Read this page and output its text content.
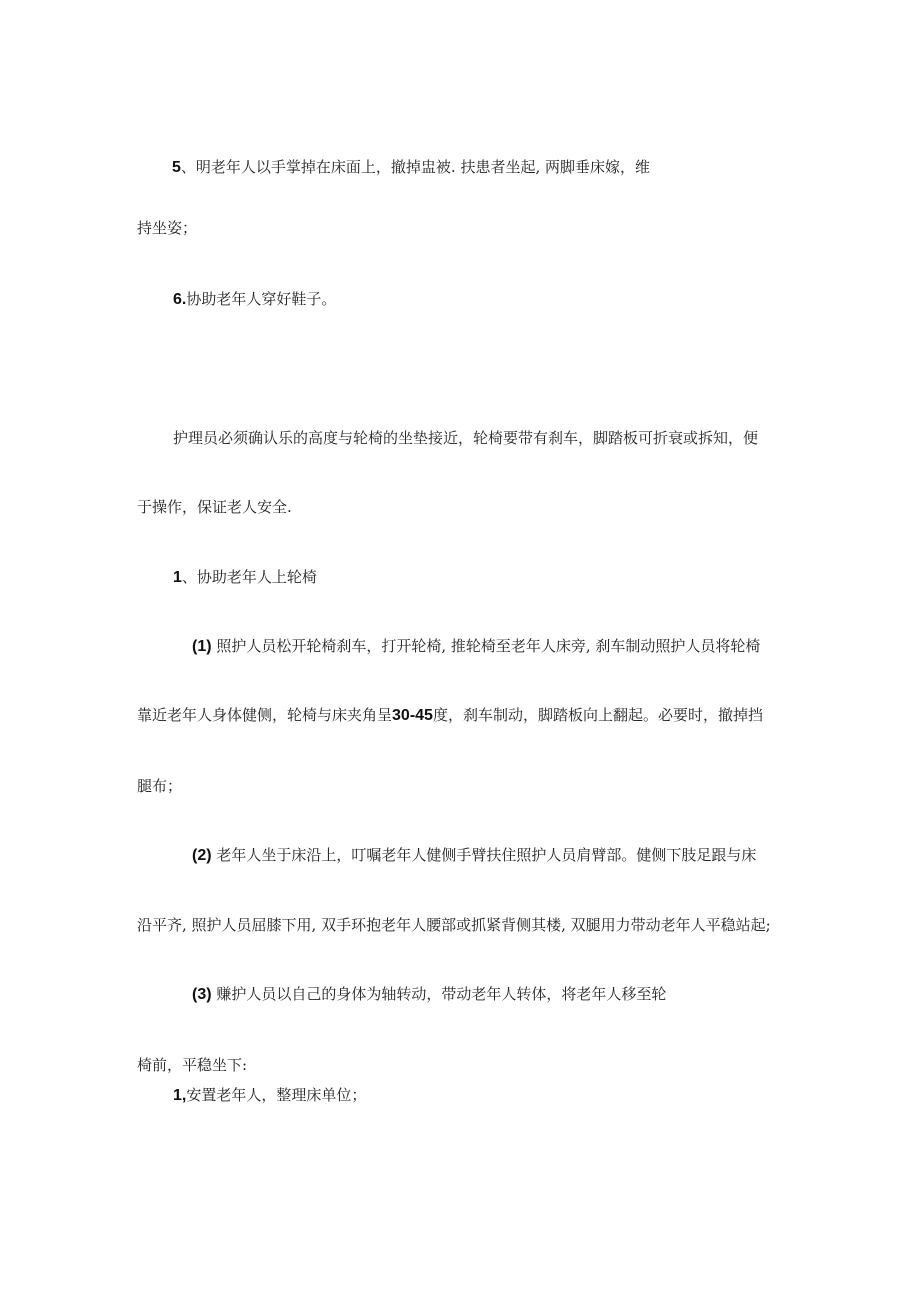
5、明老年人以手掌掉在床面上，撤掉盅被. 扶患者坐起, 两脚垂床嫁，维
持坐姿；
6.协助老年人穿好鞋子。
护理员必须确认乐的高度与轮椅的坐垫接近，轮椅要带有刹车，脚踏板可折衰或拆知，便
于操作，保证老人安全.
1、协助老年人上轮椅
(1) 照护人员松开轮椅刹车，打开轮椅, 推轮椅至老年人床旁, 刹车制动照护人员将轮椅
靠近老年人身体健侧，轮椅与床夹角呈30-45度，刹车制动，脚踏板向上翻起。必要时，撤掉挡
腿布；
(2) 老年人坐于床沿上，叮嘱老年人健侧手臂扶住照护人员肩臂部。健侧下肢足跟与床
沿平齐, 照护人员屈膝下用, 双手环抱老年人腰部或抓紧背侧其楼, 双腿用力带动老年人平稳站起;
(3) 赚护人员以自己的身体为轴转动，带动老年人转体，将老年人移至轮
椅前，平稳坐下:
1,安置老年人，整理床单位；
